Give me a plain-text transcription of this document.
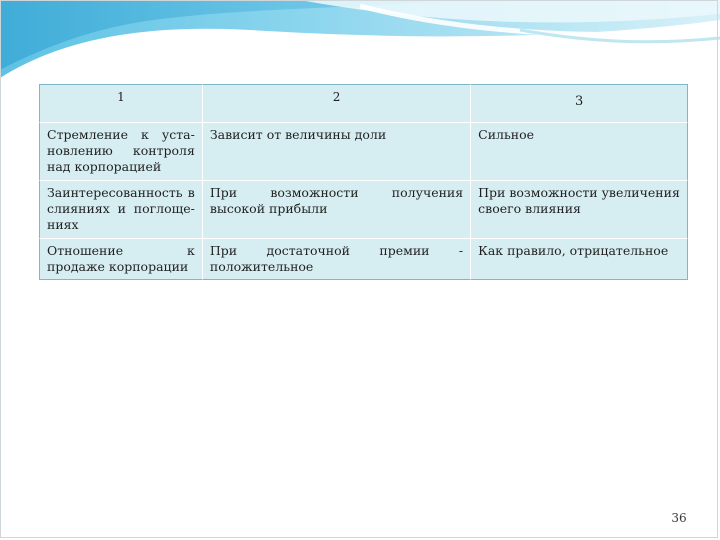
1	2	3
Стремление к уста-новлению контроля над корпорацией	Зависит от величины доли	Сильное
Заинтересованность в слияниях и поглоще-ниях	При возможности получения высокой прибыли	При возможности увеличения своего влияния
Отношение к продаже корпорации	При достаточной премии - положительное	Как правило, отрицательное
36
